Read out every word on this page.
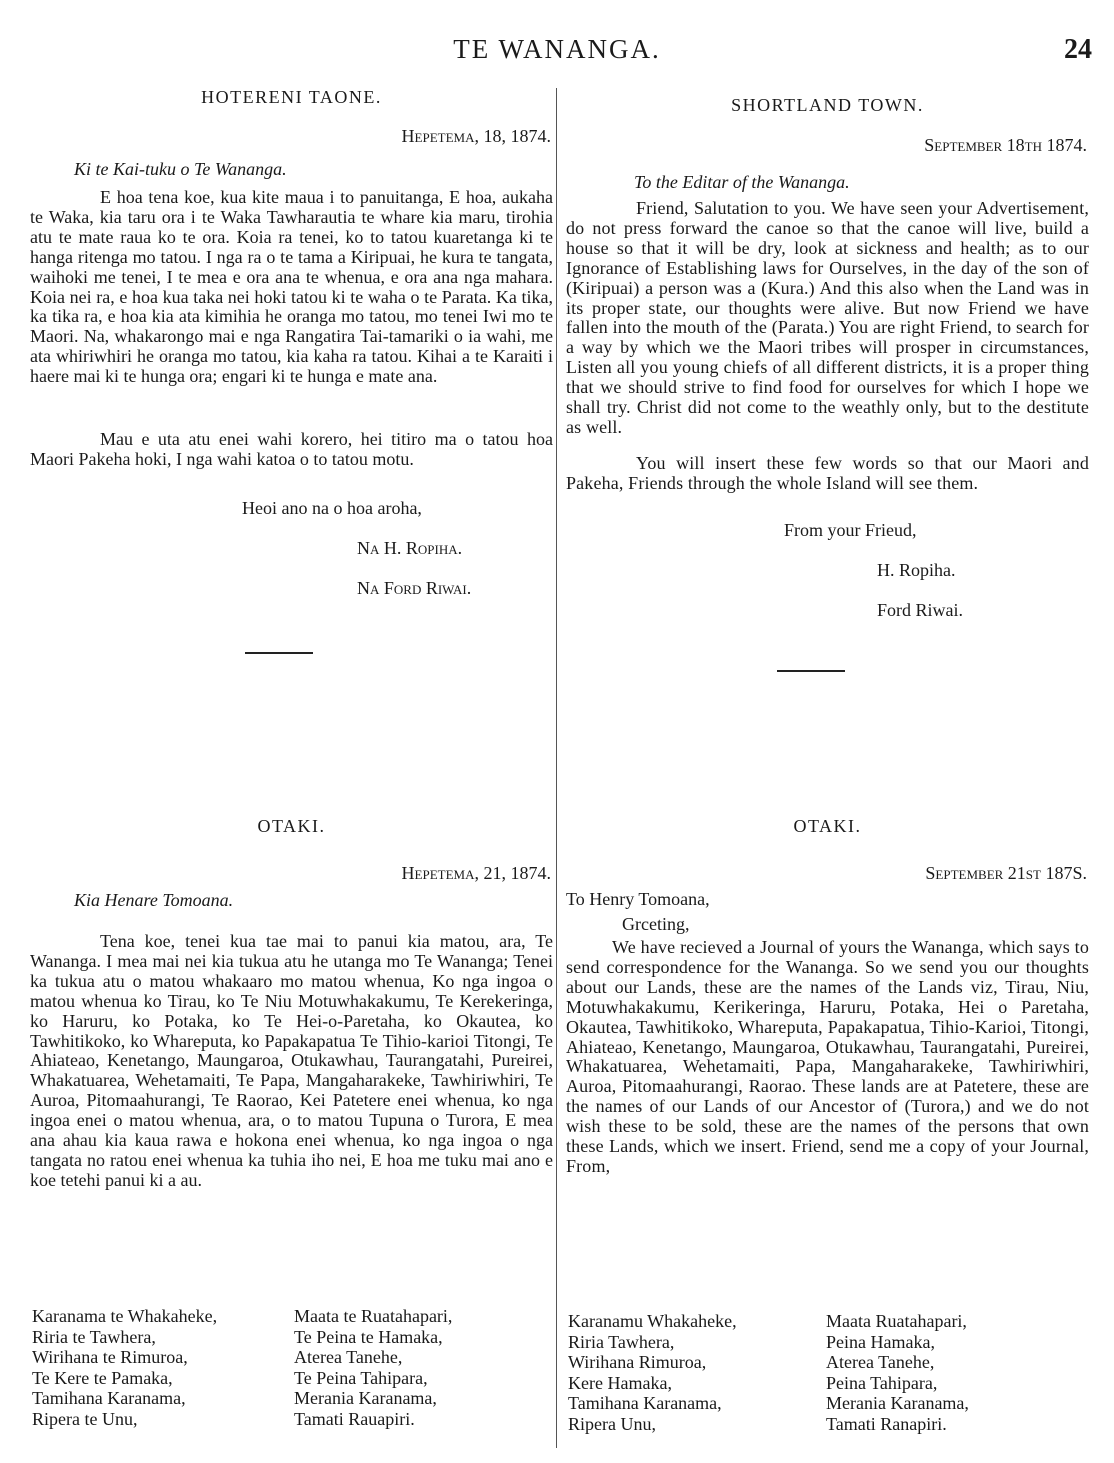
TE WANANGA.	24
HOTERENI TAONE.
Hepetema, 18, 1874.
Ki te Kai-tuku o Te Wananga.

E hoa tena koe, kua kite maua i to panuitanga, E hoa, aukaha te Waka, kia taru ora i te Waka Tawharautia te whare kia maru, tirohia atu te mate rauа ko te ora. Koia ra tenei, ko to tatou kuaretanga ki te hanga ritenga mo tatou. I nga ra o te tama a Kiripuai, he kura te tangata, waihoki me tenei, I te mea e ora ana te whenua, e ora ana nga mahara. Koia nei ra, e hoa kua taka nei hoki tatou ki te waha o te Parata. Ka tika, ka tika ra, e hoa kia ata kimihia he oranga mo tatou, mo tenei Iwi mo te Maori. Na, whakarongo mai e nga Rangatira Tai-tamariki o ia wahi, me ata whiriwhiri he oranga mo tatou, kia kaha ra tatou. Kihai a te Karaiti i haere mai ki te hunga ora; engari ki te hunga e mate ana.

Mau e uta atu enei wahi korero, hei titiro ma o tatou hoa Maori Pakeha hoki, I nga wahi katoa o to tatou motu.

Heoi ano na o hoa aroha,
Na H. Ropiha.
Na Ford Riwai.
OTAKI.
Hepetema, 21, 1874.
Kia Henare Tomoana.

Tena koe, tenei kua tae mai to panui kia matou, ara, Te Wananga. I mea mai nei kia tukua atu he utanga mo Te Wananga; Tenei ka tukua atu o matou whakaaro mo matou whenua, Ko nga ingoa o matou whenua ko Tirau, ko Te Niu Motuwhakakumu, Te Kerekeringa, ko Haruru, ko Potaka, ko Te Hei-o-Paretaha, ko Okautea, ko Tawhitikoko, ko Whareputa, ko Papakapatua Te Tihio-karioi Titongi, Te Ahiateao, Kenetango, Maungaroa, Otukawhau, Taurangatahi, Pureirei, Whakatuarea, Wehetamaiti, Te Papa, Mangaharakeke, Tawhiriwhiri, Te Auroa, Pitomaahurangi, Te Raorao, Kei Patetere enei whenua, ko nga ingoa enei o matou whenua, ara, o to matou Tupuna o Turora, E mea ana ahau kia kaua rawa e hokona enei whenua, ko nga ingoa o nga tangata no ratou enei whenua ka tuhia iho nei, E hoa me tuku mai ano e koe tetehi panui ki a au.

Karanama te Whakaheke,
Riria te Tawhera,
Wirihana te Rimuroa,
Te Kere te Pamaka,
Tamihana Karanama,
Ripera te Unu,
Maata te Ruatahapari,
Te Peina te Hamaka,
Aterea Tanehe,
Te Peina Tahipara,
Merania Karanama,
Tamati Rauapiri.
SHORTLAND TOWN.
September 18th 1874.
To the Editar of the Wananga.

Friend, Salutation to you. We have seen your Advertisement, do not press forward the canoe so that the canoe will live, build a house so that it will be dry, look at sickness and health; as to our Ignorance of Establishing laws for Ourselves, in the day of the son of (Kiripuai) a person was a (Kura.) And this also when the Land was in its proper state, our thoughts were alive. But now Friend we have fallen into the mouth of the (Parata.) You are right Friend, to search for a way by which we the Maori tribes will prosper in circumstances, Listen all you young chiefs of all different districts, it is a proper thing that we should strive to find food for ourselves for which I hope we shall try. Christ did not come to the weathly only, but to the destitute as well.

You will insert these few words so that our Maori and Pakeha, Friends through the whole Island will see them.

From your Frieud,
H. Ropiha.
Ford Riwai.
OTAKI.
September 21st 187S.
To Henry Tomoana,
Grceting,

We have recieved a Journal of yours the Wananga, which says to send correspondence for the Wananga. So we send you our thoughts about our Lands, these are the names of the Lands viz, Tirau, Niu, Motuwhakakumu, Kerikeringa, Haruru, Potaka, Hei o Paretaha, Okautea, Tawhitikoko, Whareputa, Papakapatua, Tihio-Karioi, Titongi, Ahiateao, Kenetango, Maungaroa, Otukawhau, Taurangatahi, Pureirei, Whakatuarea, Wehetamaiti, Papa, Mangaharakeke, Tawhiriwhiri, Auroa, Pitomaahurangi, Raorao. These lands are at Patetere, these are the names of our Lands of our Ancestor of (Turora,) and we do not wish these to be sold, these are the names of the persons that own these Lands, which we insert. Friend, send me a copy of your Journal, From,

Karanamu Whakaheke,
Riria Tawhera,
Wirihana Rimuroa,
Kere Hamaka,
Tamihana Karanama,
Ripera Unu,
Maata Ruatahapari,
Peina Hamaka,
Aterea Tanehe,
Peina Tahipara,
Merania Karanama,
Tamati Ranapiri.
